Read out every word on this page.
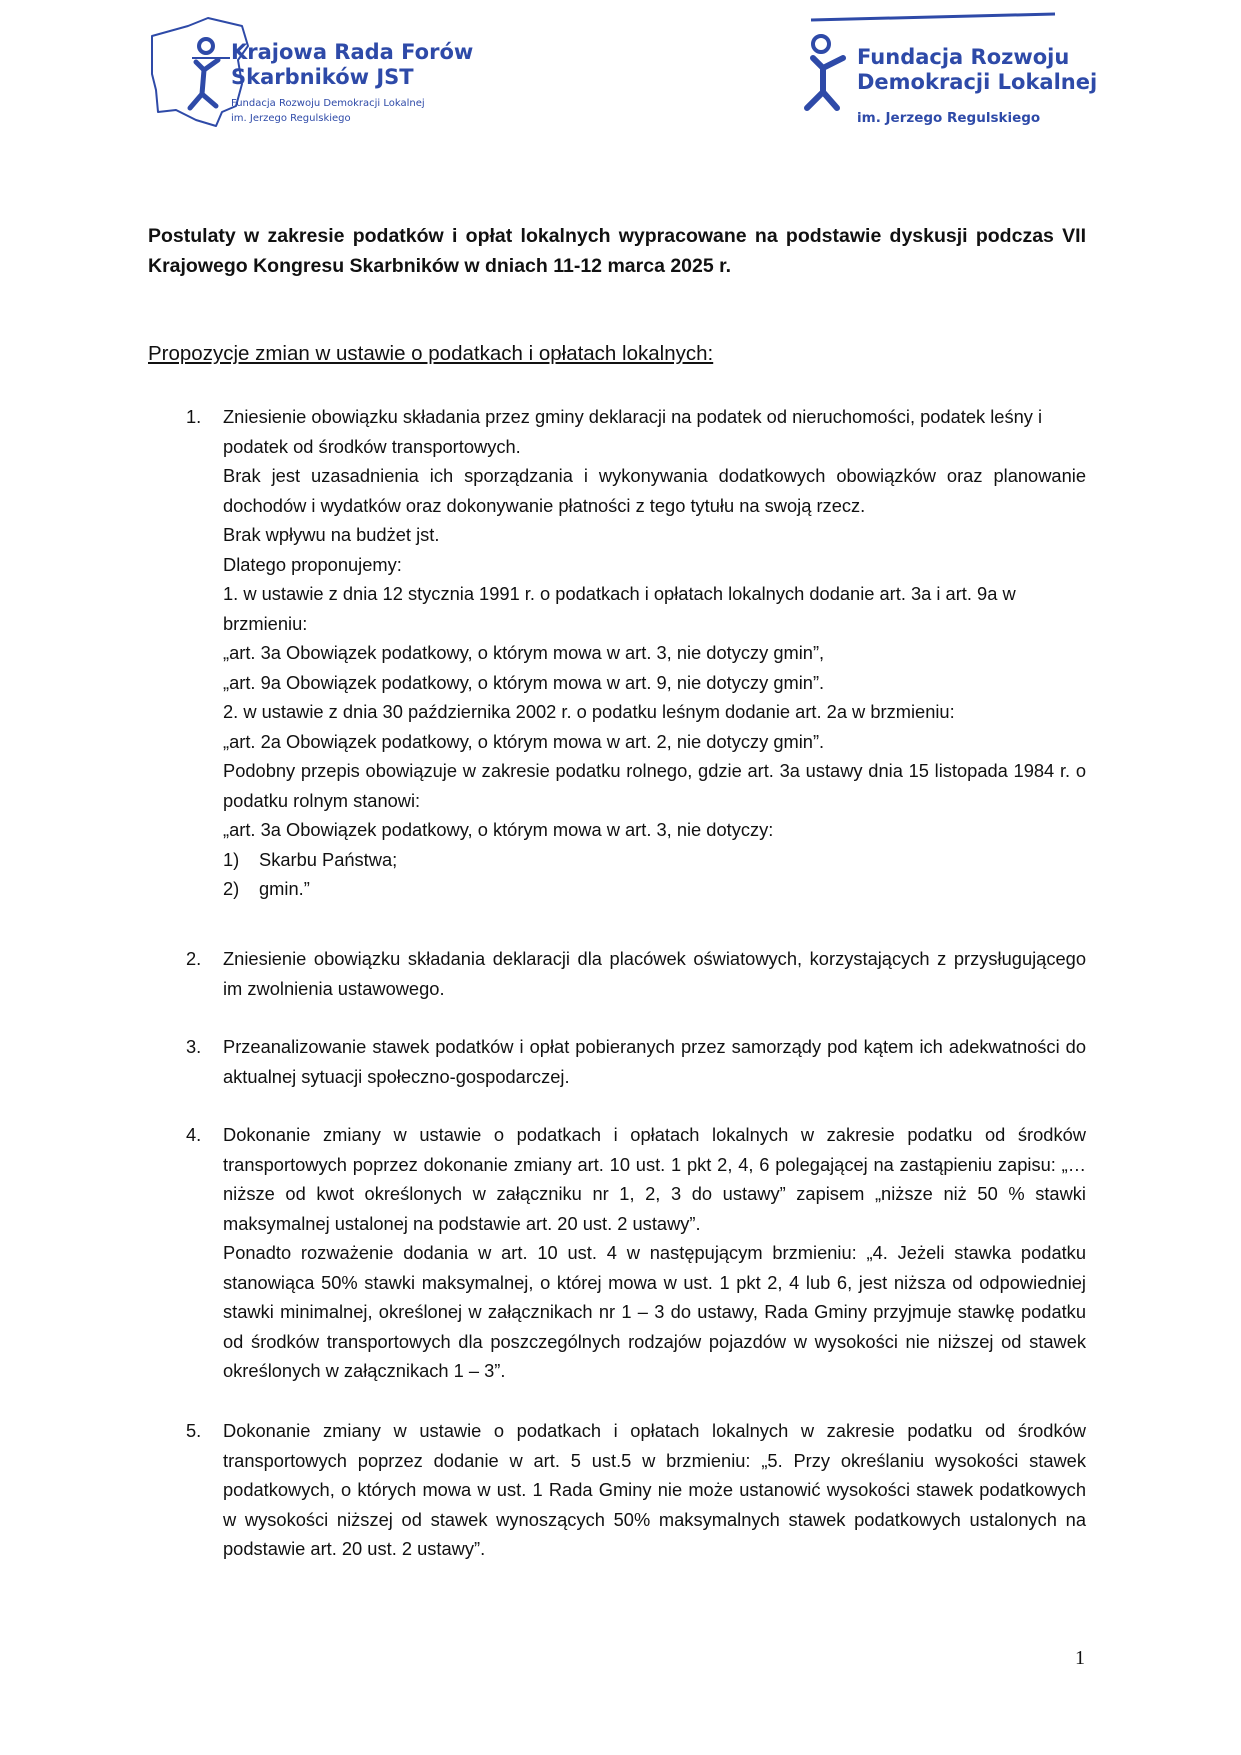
Krajowa Rada Forów
Skarbników JST
Fundacja Rozwoju Demokracji Lokalnej
im. Jerzego Regulskiego
Fundacja Rozwoju
Demokracji Lokalnej
im. Jerzego Regulskiego
Postulaty w zakresie podatków i opłat lokalnych wypracowane na podstawie dyskusji podczas VII Krajowego Kongresu Skarbników w dniach 11-12 marca 2025 r.
Propozycje zmian w ustawie o podatkach i opłatach lokalnych:
1. Zniesienie obowiązku składania przez gminy deklaracji na podatek od nieruchomości, podatek leśny i podatek od środków transportowych.

Brak jest uzasadnienia ich sporządzania i wykonywania dodatkowych obowiązków oraz planowanie dochodów i wydatków oraz dokonywanie płatności z tego tytułu na swoją rzecz.

Brak wpływu na budżet jst.

Dlatego proponujemy:

1. w ustawie z dnia 12 stycznia 1991 r. o podatkach i opłatach lokalnych dodanie art. 3a i art. 9a w brzmieniu:

„art. 3a Obowiązek podatkowy, o którym mowa w art. 3, nie dotyczy gmin”,

„art. 9a Obowiązek podatkowy, o którym mowa w art. 9, nie dotyczy gmin”.

2. w ustawie z dnia 30 października 2002 r. o podatku leśnym dodanie art. 2a w brzmieniu:

„art. 2a Obowiązek podatkowy, o którym mowa w art. 2, nie dotyczy gmin”.

Podobny przepis obowiązuje w zakresie podatku rolnego, gdzie art. 3a ustawy dnia 15 listopada 1984 r. o podatku rolnym stanowi:

„art. 3a Obowiązek podatkowy, o którym mowa w art. 3, nie dotyczy:

1) Skarbu Państwa;
2) gmin.”
2. Zniesienie obowiązku składania deklaracji dla placówek oświatowych, korzystających z przysługującego im zwolnienia ustawowego.

3. Przeanalizowanie stawek podatków i opłat pobieranych przez samorządy pod kątem ich adekwatności do aktualnej sytuacji społeczno-gospodarczej.

4. Dokonanie zmiany w ustawie o podatkach i opłatach lokalnych w zakresie podatku od środków transportowych poprzez dokonanie zmiany art. 10 ust. 1 pkt 2, 4, 6 polegającej na zastąpieniu zapisu: „…niższe od kwot określonych w załączniku nr 1, 2, 3 do ustawy” zapisem „niższe niż 50 % stawki maksymalnej ustalonej na podstawie art. 20 ust. 2 ustawy”.

Ponadto rozważenie dodania w art. 10 ust. 4 w następującym brzmieniu: „4. Jeżeli stawka podatku stanowiąca 50% stawki maksymalnej, o której mowa w ust. 1 pkt 2, 4 lub 6, jest niższa od odpowiedniej stawki minimalnej, określonej w załącznikach nr 1 – 3 do ustawy, Rada Gminy przyjmuje stawkę podatku od środków transportowych dla poszczególnych rodzajów pojazdów w wysokości nie niższej od stawek określonych w załącznikach 1 – 3”.

5. Dokonanie zmiany w ustawie o podatkach i opłatach lokalnych w zakresie podatku od środków transportowych poprzez dodanie w art. 5 ust.5 w brzmieniu: „5. Przy określaniu wysokości stawek podatkowych, o których mowa w ust. 1 Rada Gminy nie może ustanowić wysokości stawek podatkowych w wysokości niższej od stawek wynoszących 50% maksymalnych stawek podatkowych ustalonych na podstawie art. 20 ust. 2 ustawy”.

1
